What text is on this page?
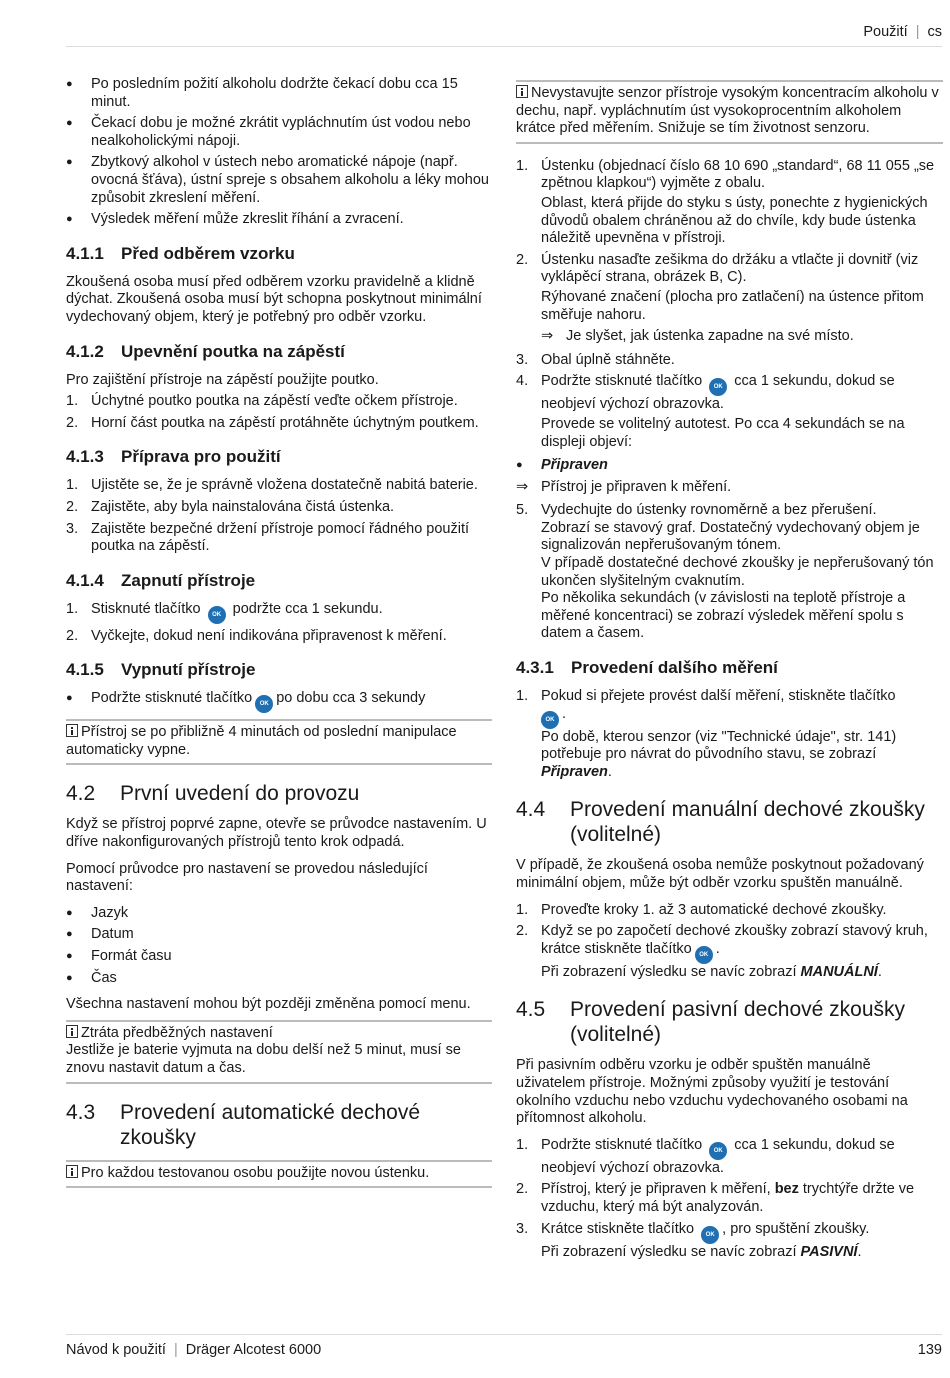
Použití | cs
● Po posledním požití alkoholu dodržte čekací dobu cca 15 minut.
● Čekací dobu je možné zkrátit vypláchnutím úst vodou nebo nealkoholickými nápoji.
● Zbytkový alkohol v ústech nebo aromatické nápoje (např. ovocná šťáva), ústní spreje s obsahem alkoholu a léky mohou způsobit zkreslení měření.
● Výsledek měření může zkreslit říhání a zvracení.
4.1.1 Před odběrem vzorku

Zkoušená osoba musí před odběrem vzorku pravidelně a klidně dýchat. Zkoušená osoba musí být schopna poskytnout minimální vydechovaný objem, který je potřebný pro odběr vzorku.

4.1.2 Upevnění poutka na zápěstí

Pro zajištění přístroje na zápěstí použijte poutko.

1. Úchytné poutko poutka na zápěstí veďte očkem přístroje.
2. Horní část poutka na zápěstí protáhněte úchytným poutkem.
4.1.3 Příprava pro použití
1. Ujistěte se, že je správně vložena dostatečně nabitá baterie.
2. Zajistěte, aby byla nainstalována čistá ústenka.
3. Zajistěte bezpečné držení přístroje pomocí řádného použití poutka na zápěstí.
4.1.4 Zapnutí přístroje
1. Stisknuté tlačítko OK podržte cca 1 sekundu.
2. Vyčkejte, dokud není indikována připravenost k měření.
4.1.5 Vypnutí přístroje
● Podržte stisknuté tlačítko OK po dobu cca 3 sekundy
Přístroj se po přibližně 4 minutách od poslední manipulace automaticky vypne.
4.2 První uvedení do provozu

Když se přístroj poprvé zapne, otevře se průvodce nastavením. U dříve nakonfigurovaných přístrojů tento krok odpadá.

Pomocí průvodce pro nastavení se provedou následující nastavení:

● Jazyk
● Datum
● Formát času
● Čas

Všechna nastavení mohou být později změněna pomocí menu.

Ztráta předběžných nastavení
Jestliže je baterie vyjmuta na dobu delší než 5 minut, musí se znovu nastavit datum a čas.
4.3 Provedení automatické dechové zkoušky
Pro každou testovanou osobu použijte novou ústenku.
Nevystavujte senzor přístroje vysokým koncentracím alkoholu v dechu, např. vypláchnutím úst vysokoprocentním alkoholem krátce před měřením. Snižuje se tím životnost senzoru.
1. Ústenku (objednací číslo 68 10 690 „standard“, 68 11 055 „se zpětnou klapkou“) vyjměte z obalu.
Oblast, která přijde do styku s ústy, ponechte z hygienických důvodů obalem chráněnou až do chvíle, kdy bude ústenka náležitě upevněna v přístroji.
2. Ústenku nasaďte zešikma do držáku a vtlačte ji dovnitř (viz vyklápěcí strana, obrázek B, C).
Rýhované značení (plocha pro zatlačení) na ústence přitom směřuje nahoru.
⇒ Je slyšet, jak ústenka zapadne na své místo.
3. Obal úplně stáhněte.
4. Podržte stisknuté tlačítko OK cca 1 sekundu, dokud se neobjeví výchozí obrazovka.
Provede se volitelný autotest. Po cca 4 sekundách se na displeji objeví:
● Připraven
⇒ Přístroj je připraven k měření.
5. Vydechujte do ústenky rovnoměrně a bez přerušení.
Zobrazí se stavový graf. Dostatečný vydechovaný objem je signalizován nepřerušovaným tónem.
V případě dostatečné dechové zkoušky je nepřerušovaný tón ukončen slyšitelným cvaknutím.
Po několika sekundách (v závislosti na teplotě přístroje a měřené koncentraci) se zobrazí výsledek měření spolu s datem a časem.
4.3.1 Provedení dalšího měření
1. Pokud si přejete provést další měření, stiskněte tlačítko
OK .
Po době, kterou senzor (viz "Technické údaje", str. 141) potřebuje pro návrat do původního stavu, se zobrazí Připraven.
4.4 Provedení manuální dechové zkoušky (volitelné)

V případě, že zkoušená osoba nemůže poskytnout požadovaný minimální objem, může být odběr vzorku spuštěn manuálně.

1. Proveďte kroky 1. až 3 automatické dechové zkoušky.
2. Když se po započetí dechové zkoušky zobrazí stavový kruh, krátce stiskněte tlačítko OK .
Při zobrazení výsledku se navíc zobrazí MANUÁLNÍ.
4.5 Provedení pasivní dechové zkoušky (volitelné)

Při pasivním odběru vzorku je odběr spuštěn manuálně uživatelem přístroje. Možnými způsoby využití je testování okolního vzduchu nebo vzduchu vydechovaného osobami na přítomnost alkoholu.

1. Podržte stisknuté tlačítko OK cca 1 sekundu, dokud se neobjeví výchozí obrazovka.
2. Přístroj, který je připraven k měření, bez trychtýře držte ve vzduchu, který má být analyzován.
3. Krátce stiskněte tlačítko OK , pro spuštění zkoušky.
Při zobrazení výsledku se navíc zobrazí PASIVNÍ.
Návod k použití | Dräger Alcotest 6000	139
